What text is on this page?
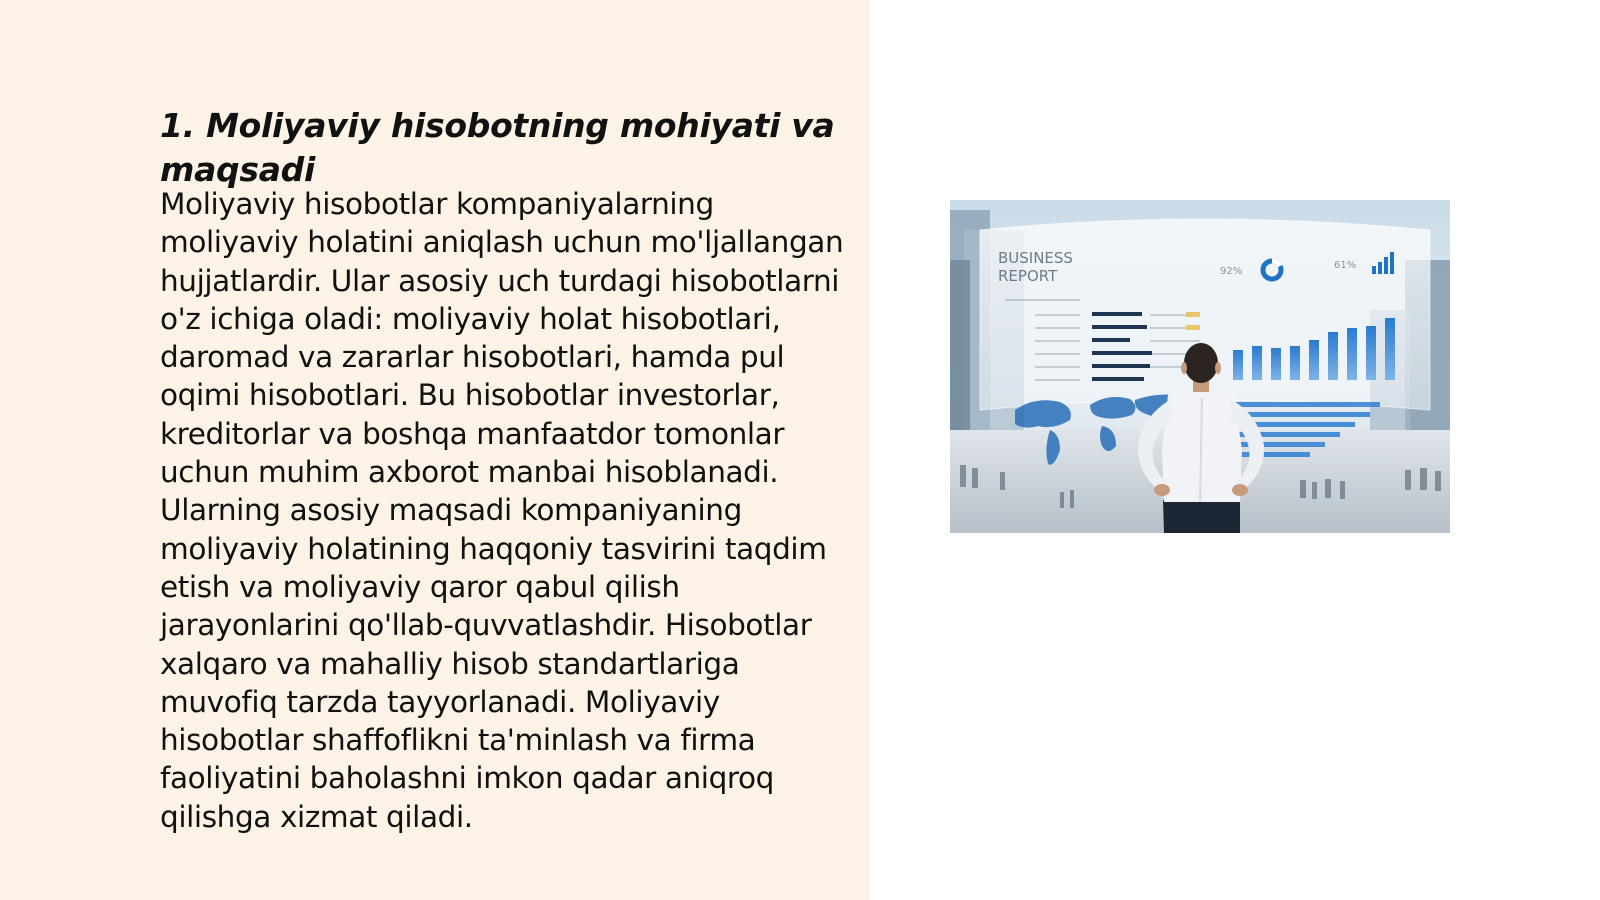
1. Moliyaviy hisobotning mohiyati va maqsadi

Moliyaviy hisobotlar kompaniyalarning moliyaviy holatini aniqlash uchun mo'ljallangan hujjatlardir. Ular asosiy uch turdagi hisobotlarni o'z ichiga oladi: moliyaviy holat hisobotlari, daromad va zararlar hisobotlari, hamda pul oqimi hisobotlari. Bu hisobotlar investorlar, kreditorlar va boshqa manfaatdor tomonlar uchun muhim axborot manbai hisoblanadi. Ularning asosiy maqsadi kompaniyaning moliyaviy holatining haqqoniy tasvirini taqdim etish va moliyaviy qaror qabul qilish jarayonlarini qo'llab-quvvatlashdir. Hisobotlar xalqaro va mahalliy hisob standartlariga muvofiq tarzda tayyorlanadi. Moliyaviy hisobotlar shaffoflikni ta'minlash va firma faoliyatini baholashni imkon qadar aniqroq qilishga xizmat qiladi.

BUSINESS
REPORT	92%
61%
